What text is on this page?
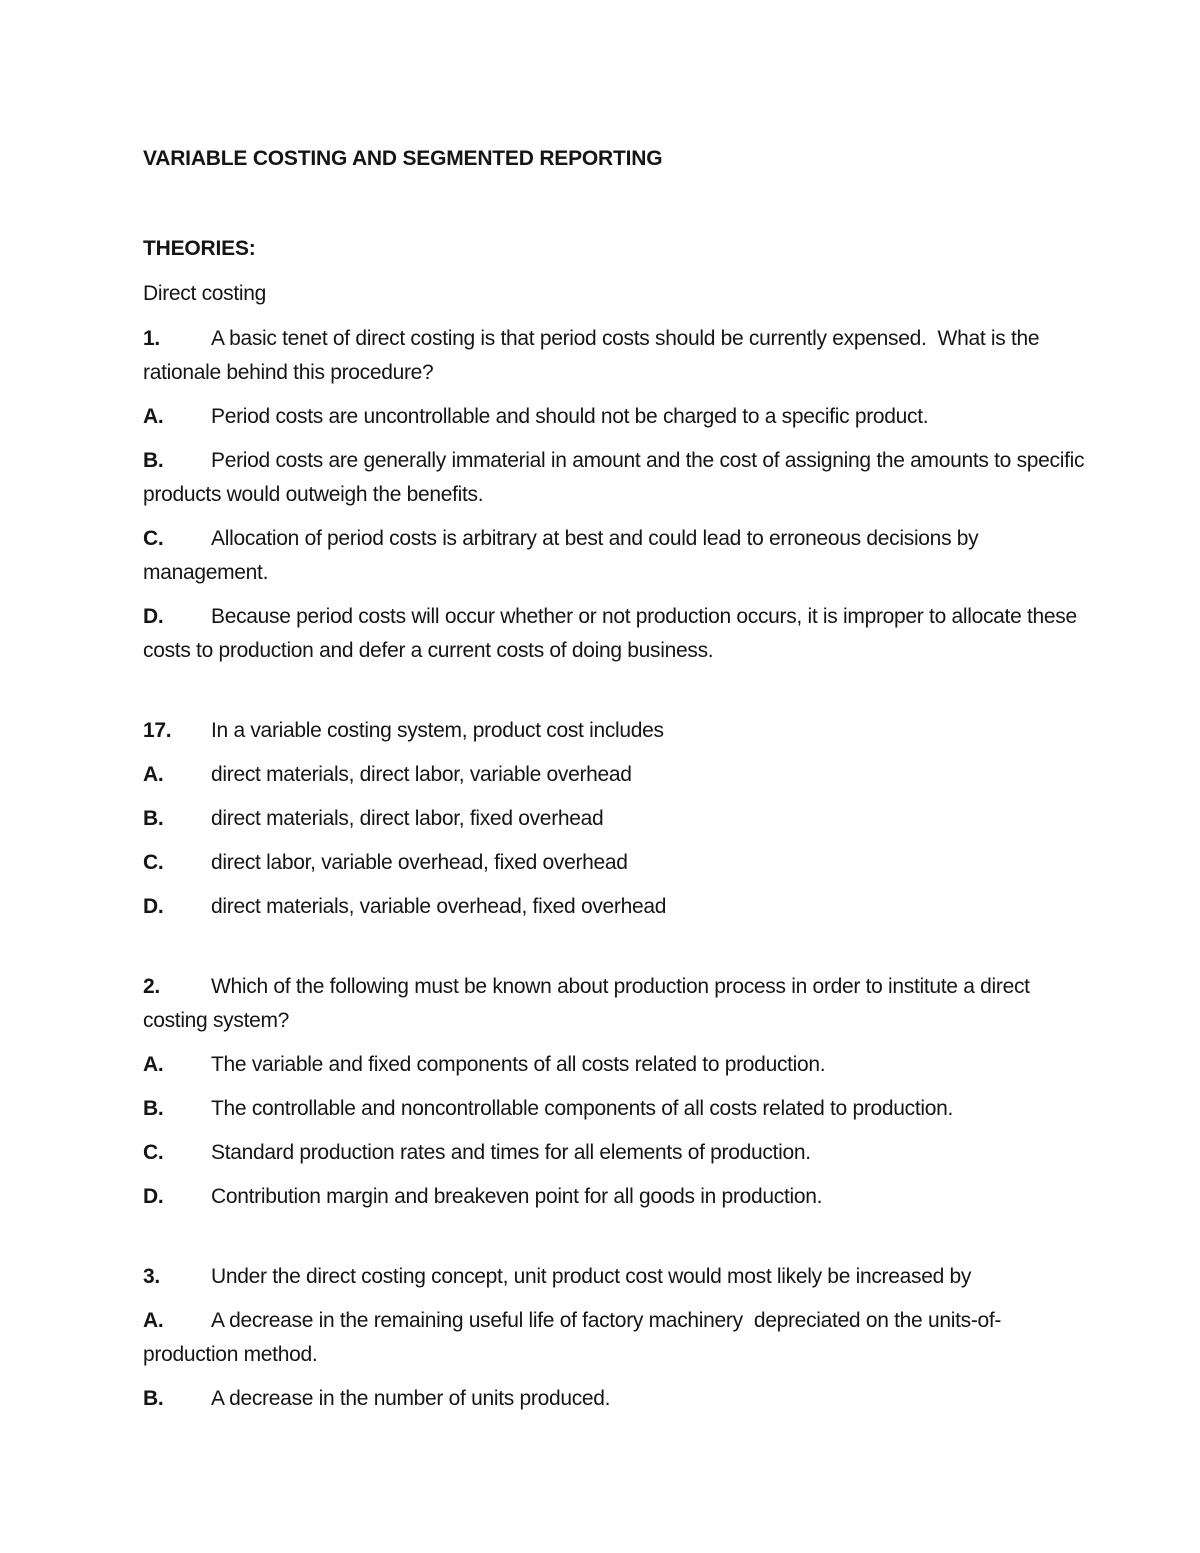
VARIABLE COSTING AND SEGMENTED REPORTING
THEORIES:

Direct costing

1. A basic tenet of direct costing is that period costs should be currently expensed.  What is the rationale behind this procedure?

A. Period costs are uncontrollable and should not be charged to a specific product.

B. Period costs are generally immaterial in amount and the cost of assigning the amounts to specific products would outweigh the benefits.

C. Allocation of period costs is arbitrary at best and could lead to erroneous decisions by management.

D. Because period costs will occur whether or not production occurs, it is improper to allocate these costs to production and defer a current costs of doing business.

17. In a variable costing system, product cost includes

A. direct materials, direct labor, variable overhead

B. direct materials, direct labor, fixed overhead

C. direct labor, variable overhead, fixed overhead

D. direct materials, variable overhead, fixed overhead

2. Which of the following must be known about production process in order to institute a direct costing system?

A. The variable and fixed components of all costs related to production.

B. The controllable and noncontrollable components of all costs related to production.

C. Standard production rates and times for all elements of production.

D. Contribution margin and breakeven point for all goods in production.

3. Under the direct costing concept, unit product cost would most likely be increased by

A. A decrease in the remaining useful life of factory machinery  depreciated on the units-of-production method.

B. A decrease in the number of units produced.
